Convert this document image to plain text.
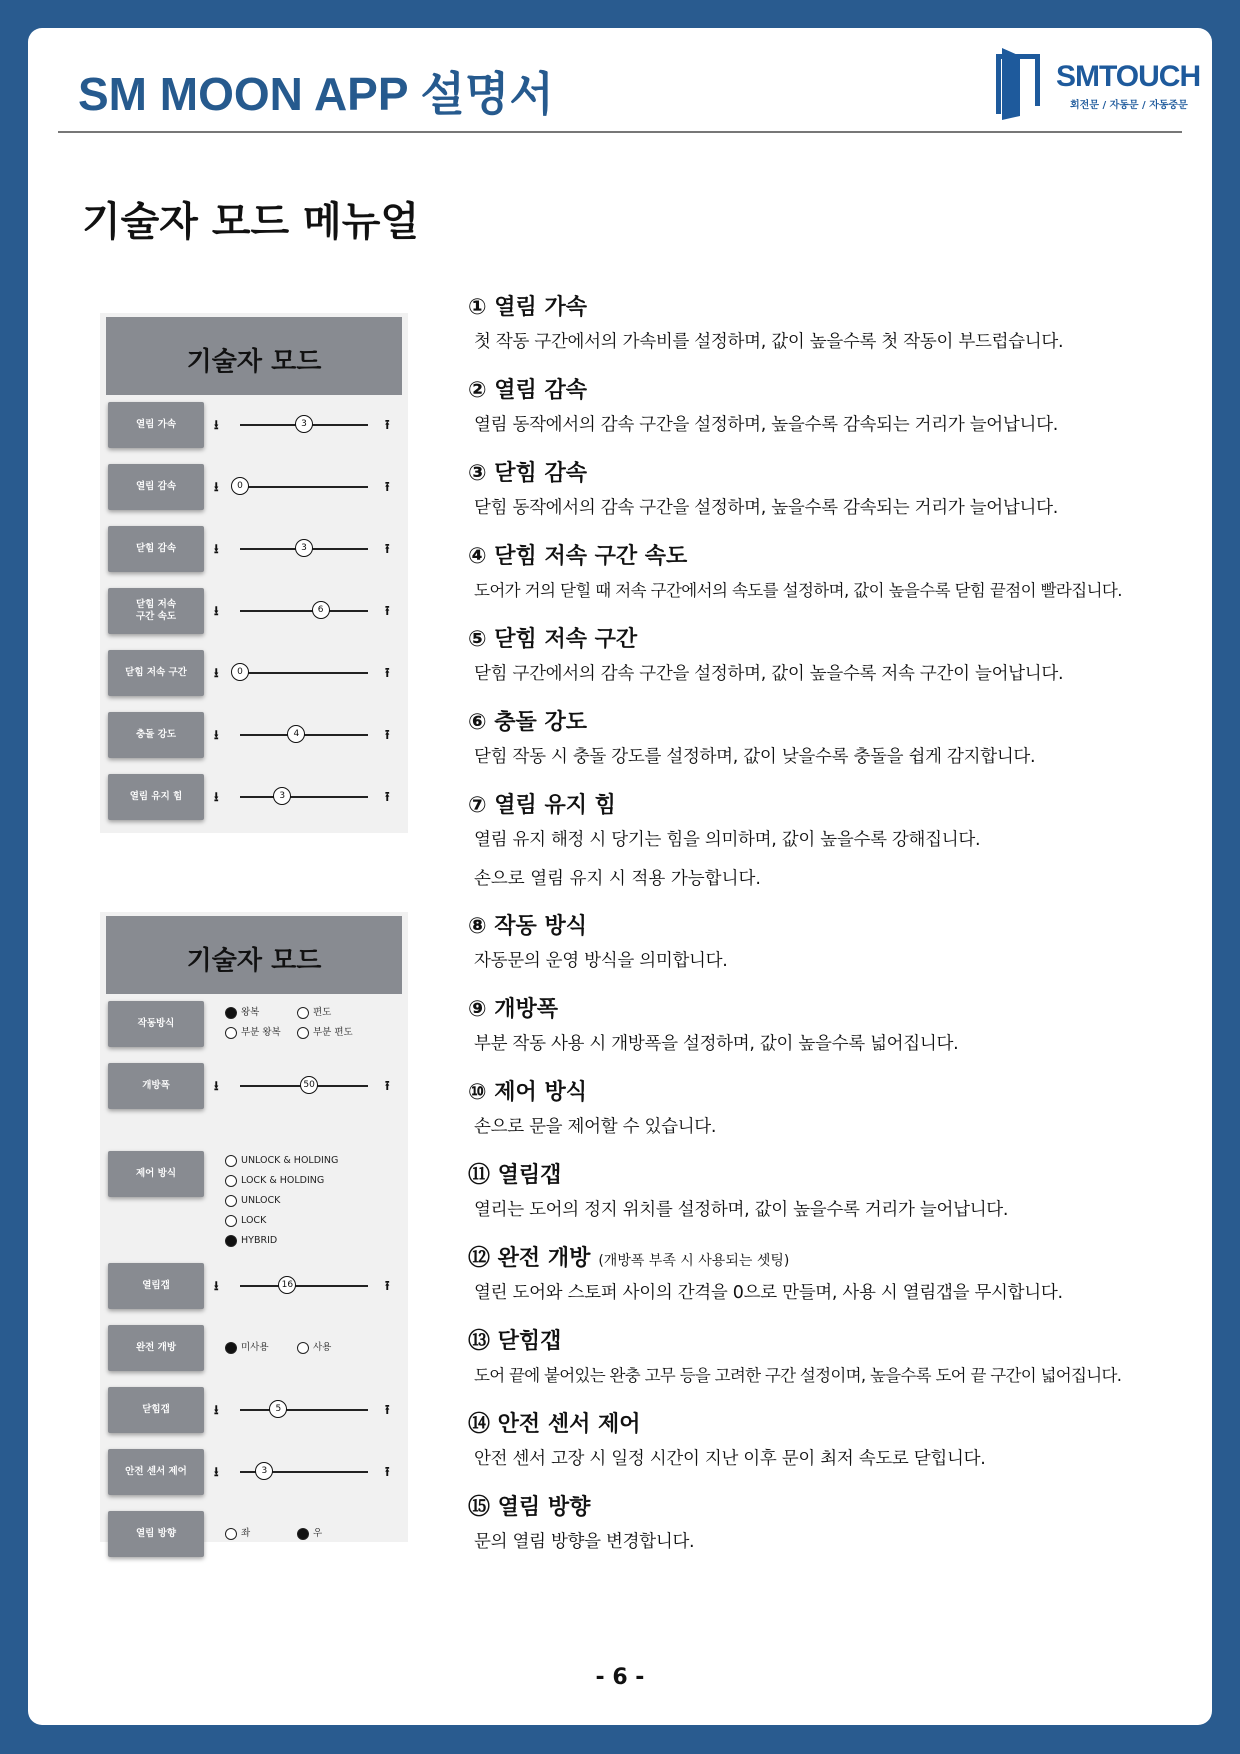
SM MOON APP 설명서	SMTOUCH
회전문 / 자동문 / 자동중문
기술자 모드 메뉴얼
기술자 모드
열림 가속	⭳	3	⭱
열림 감속	⭳	0	⭱
닫힘 감속	⭳	3	⭱
닫힘 저속
구간 속도	⭳	6	⭱
닫힘 저속 구간	⭳	0	⭱
충돌 강도	⭳	4	⭱
열림 유지 힘	⭳	3	⭱
기술자 모드
작동방식
왕복	편도
부분 왕복	부분 편도
개방폭	⭳	50	⭱
제어 방식
UNLOCK & HOLDING
LOCK & HOLDING
UNLOCK
LOCK
HYBRID
열림갭	⭳	16	⭱
완전 개방	미사용	사용
닫힘갭	⭳	5	⭱
안전 센서 제어	⭳	3	⭱
열림 방향	좌	우
① 열림 가속
첫 작동 구간에서의 가속비를 설정하며, 값이 높을수록 첫 작동이 부드럽습니다.
② 열림 감속
열림 동작에서의 감속 구간을 설정하며, 높을수록 감속되는 거리가 늘어납니다.
③ 닫힘 감속
닫힘 동작에서의 감속 구간을 설정하며, 높을수록 감속되는 거리가 늘어납니다.
④ 닫힘 저속 구간 속도
도어가 거의 닫힐 때 저속 구간에서의 속도를 설정하며, 값이 높을수록 닫힘 끝점이 빨라집니다.
⑤ 닫힘 저속 구간
닫힘 구간에서의 감속 구간을 설정하며, 값이 높을수록 저속 구간이 늘어납니다.
⑥ 충돌 강도
닫힘 작동 시 충돌 강도를 설정하며, 값이 낮을수록 충돌을 쉽게 감지합니다.
⑦ 열림 유지 힘
열림 유지 해정 시 당기는 힘을 의미하며, 값이 높을수록 강해집니다.
손으로 열림 유지 시 적용 가능합니다.
⑧ 작동 방식
자동문의 운영 방식을 의미합니다.
⑨ 개방폭
부분 작동 사용 시 개방폭을 설정하며, 값이 높을수록 넓어집니다.
⑩ 제어 방식
손으로 문을 제어할 수 있습니다.
⑪ 열림갭
열리는 도어의 정지 위치를 설정하며, 값이 높을수록 거리가 늘어납니다.
⑫ 완전 개방 (개방폭 부족 시 사용되는 셋팅)
열린 도어와 스토퍼 사이의 간격을 0으로 만들며, 사용 시 열림갭을 무시합니다.
⑬ 닫힘갭
도어 끝에 붙어있는 완충 고무 등을 고려한 구간 설정이며, 높을수록 도어 끝 구간이 넓어집니다.
⑭ 안전 센서 제어
안전 센서 고장 시 일정 시간이 지난 이후 문이 최저 속도로 닫힙니다.
⑮ 열림 방향
문의 열림 방향을 변경합니다.
- 6 -
